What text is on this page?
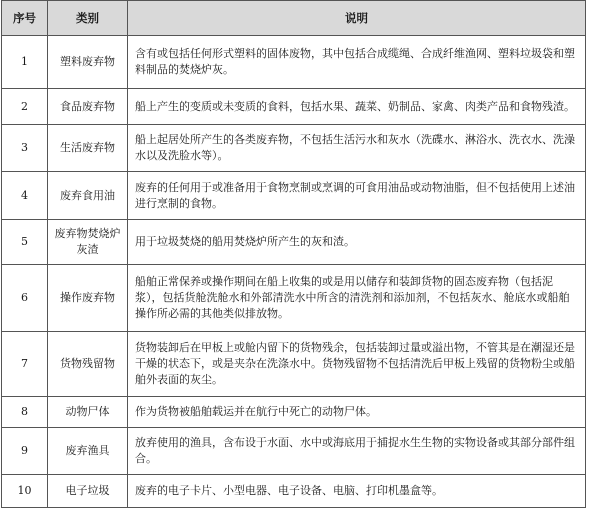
序号	类别	说明
1	塑料废弃物	含有或包括任何形式塑料的固体废物，其中包括合成缆绳、合成纤维渔网、塑料垃圾袋和塑料制品的焚烧炉灰。
2	食品废弃物	船上产生的变质或未变质的食料，包括水果、蔬菜、奶制品、家禽、肉类产品和食物残渣。
3	生活废弃物	船上起居处所产生的各类废弃物，不包括生活污水和灰水（洗碟水、淋浴水、洗衣水、洗澡水以及洗脸水等）。
4	废弃食用油	废弃的任何用于或准备用于食物烹制或烹调的可食用油品或动物油脂，但不包括使用上述油进行烹制的食物。
5	废弃物焚烧炉灰渣	用于垃圾焚烧的船用焚烧炉所产生的灰和渣。
6	操作废弃物	船舶正常保养或操作期间在船上收集的或是用以储存和装卸货物的固态废弃物（包括泥浆），包括货舱洗舱水和外部清洗水中所含的清洗剂和添加剂，不包括灰水、舱底水或船舶操作所必需的其他类似排放物。
7	货物残留物	货物装卸后在甲板上或舱内留下的货物残余，包括装卸过量或溢出物，不管其是在潮湿还是干燥的状态下，或是夹杂在洗涤水中。货物残留物不包括清洗后甲板上残留的货物粉尘或船舶外表面的灰尘。
8	动物尸体	作为货物被船舶载运并在航行中死亡的动物尸体。
9	废弃渔具	放弃使用的渔具，含布设于水面、水中或海底用于捕捉水生生物的实物设备或其部分部件组合。
10	电子垃圾	废弃的电子卡片、小型电器、电子设备、电脑、打印机墨盒等。
